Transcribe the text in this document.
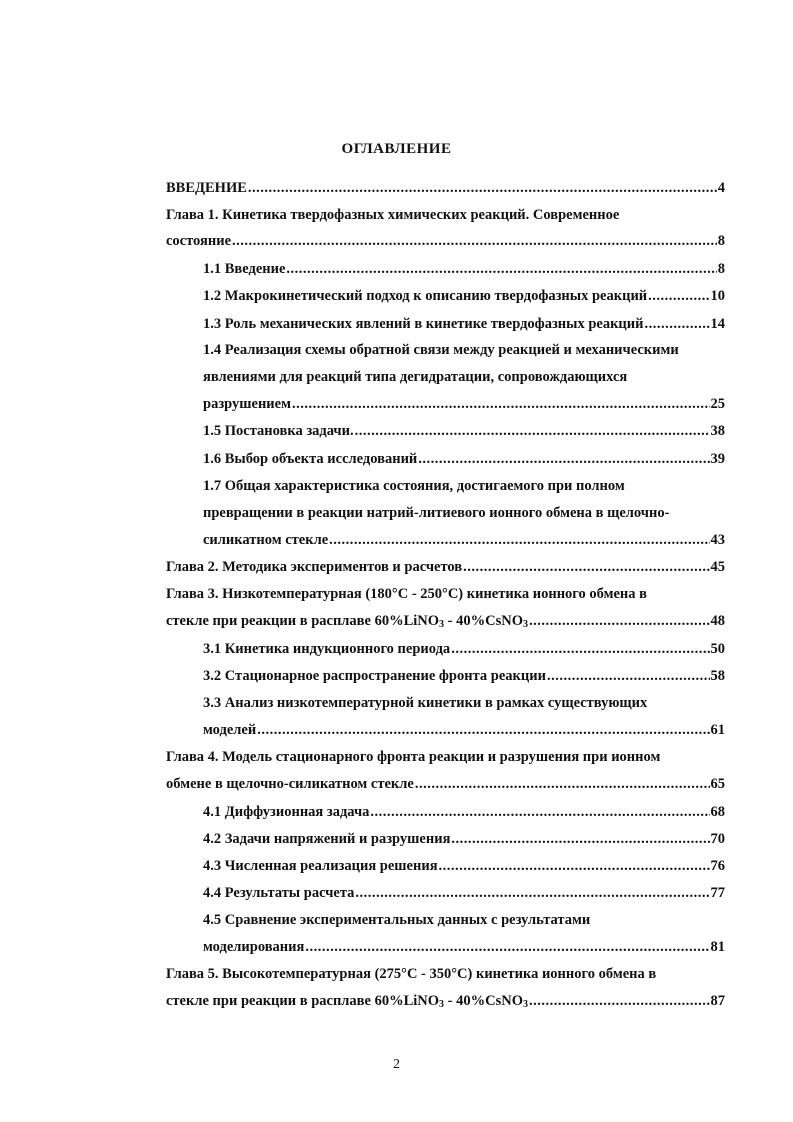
ОГЛАВЛЕНИЕ
ВВЕДЕНИЕ	4
.....
Глава 1. Кинетика твердофазных химических реакций. Современное
состояние	8
.....
1.1 Введение	8
.....
1.2 Макрокинетический подход к описанию твердофазных реакций	10
.....
1.3 Роль механических явлений в кинетике твердофазных реакций	14
.....
1.4 Реализация схемы обратной связи между реакцией и механическими
явлениями для реакций типа дегидратации, сопровождающихся
разрушением	25
.....
1.5 Постановка задачи.	38
.....
1.6 Выбор объекта исследований	39
.....
1.7 Общая характеристика состояния, достигаемого при полном
превращении в реакции натрий-литиевого ионного обмена в щелочно-
силикатном стекле	43
.....
Глава 2. Методика экспериментов и расчетов	45
.....
Глава 3. Низкотемпературная (180°С - 250°С) кинетика ионного обмена в
стекле при реакции в расплаве 60%LiNO$_3$ - 40%CsNO$_3$	48
.....
3.1 Кинетика индукционного периода	50
.....
3.2 Стационарное распространение фронта реакции	58
.....
3.3 Анализ низкотемпературной кинетики в рамках существующих
моделей	61
.....
Глава 4. Модель стационарного фронта реакции и разрушения при ионном
обмене в щелочно-силикатном стекле	65
.....
4.1 Диффузионная задача	68
.....
4.2 Задачи напряжений и разрушения	70
.....
4.3 Численная реализация решения	76
.....
4.4 Результаты расчета	77
.....
4.5 Сравнение экспериментальных данных с результатами
моделирования	81
.....
Глава 5. Высокотемпературная (275°С - 350°С) кинетика ионного обмена в
стекле при реакции в расплаве 60%LiNO$_3$ - 40%CsNO$_3$	87
.....
2
